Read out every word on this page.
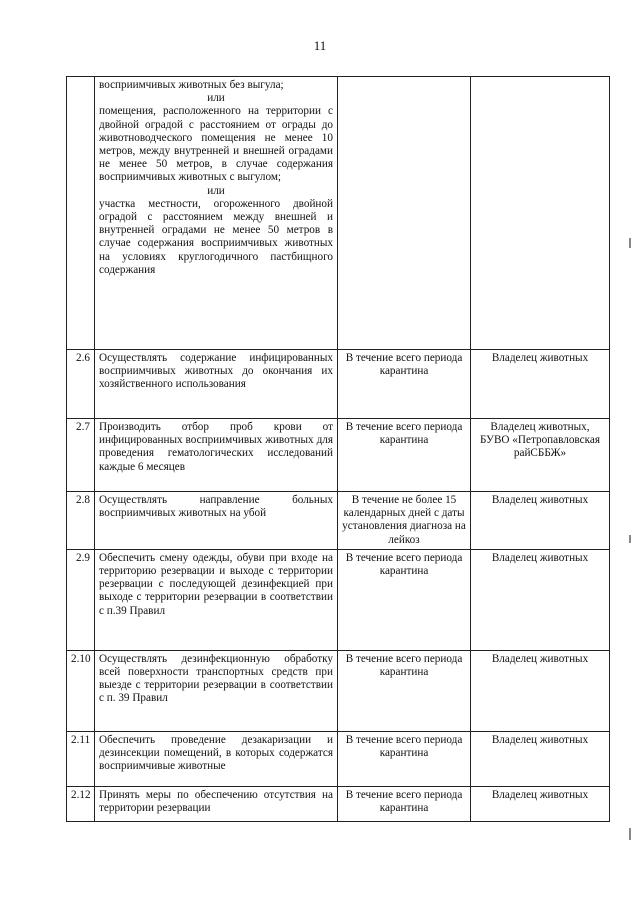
11

	восприимчивых животных без выгула;
или
помещения, расположенного на территории с двойной оградой с расстоянием от ограды до животноводческого помещения не менее 10 метров, между внутренней и внешней оградами не менее 50 метров, в случае содержания восприимчивых животных с выгулом;
или
участка местности, огороженного двойной оградой с расстоянием между внешней и внутренней оградами не менее 50 метров в случае содержания восприимчивых животных на условиях круглогодичного пастбищного содержания		

2.6	Осуществлять содержание инфицированных восприимчивых животных до окончания их хозяйственного использования	В течение всего периода карантина	Владелец животных
2.7	Производить отбор проб крови от инфицированных восприимчивых животных для проведения гематологических исследований каждые 6 месяцев	В течение всего периода карантина	Владелец животных, БУВО «Петропавловская райСББЖ»
2.8	Осуществлять направление больных восприимчивых животных на убой	В течение не более 15 календарных дней с даты установления диагноза на лейкоз	Владелец животных
2.9	Обеспечить смену одежды, обуви при входе на территорию резервации и выходе с территории резервации с последующей дезинфекцией при выходе с территории резервации в соответствии с п.39 Правил	В течение всего периода карантина	Владелец животных
2.10	Осуществлять дезинфекционную обработку всей поверхности транспортных средств при выезде с территории резервации в соответствии с п. 39 Правил	В течение всего периода карантина	Владелец животных
2.11	Обеспечить проведение дезакаризации и дезинсекции помещений, в которых содержатся восприимчивые животные	В течение всего периода карантина	Владелец животных
2.12	Принять меры по обеспечению отсутствия на территории резервации	В течение всего периода карантина	Владелец животных
